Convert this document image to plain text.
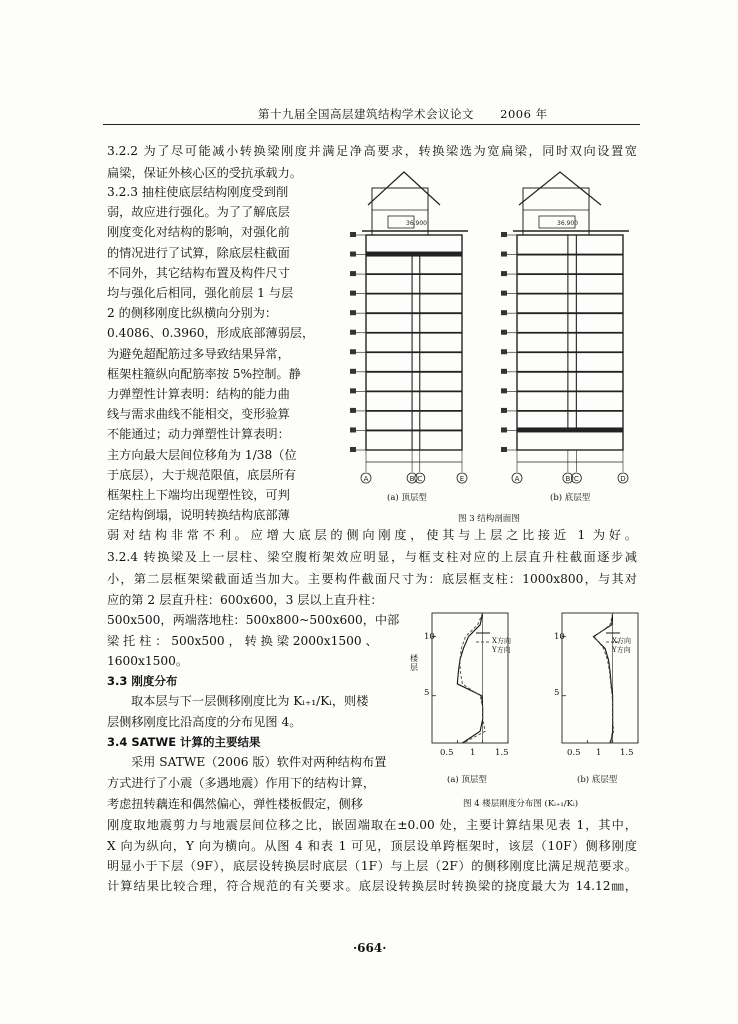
第十九届全国高层建筑结构学术会议论文 2006 年
3.2.2 为了尽可能减小转换梁刚度并满足净高要求，转换梁选为宽扁梁，同时双向设置宽
扁梁，保证外核心区的受抗承载力。
3.2.3 抽柱使底层结构刚度受到削
弱，故应进行强化。为了了解底层
刚度变化对结构的影响，对强化前
的情况进行了试算，除底层柱截面
不同外，其它结构布置及构件尺寸
均与强化后相同，强化前层 1 与层
2 的侧移刚度比纵横向分别为：
0.4086、0.3960，形成底部薄弱层，
为避免超配筋过多导致结果异常，
框架柱箍纵向配筋率按 5%控制。静
力弹塑性计算表明：结构的能力曲
线与需求曲线不能相交，变形验算
不能通过；动力弹塑性计算表明：
主方向最大层间位移角为 1/38（位
于底层），大于规范限值，底层所有
框架柱上下端均出现塑性铰，可判
定结构倒塌，说明转换结构底部薄
弱对结构非常不利。应增大底层的侧向刚度，使其与上层之比接近 1 为好。
3.2.4 转换梁及上一层柱、梁空腹桁架效应明显，与框支柱对应的上层直升柱截面逐步减
小，第二层框架梁截面适当加大。主要构件截面尺寸为：底层框支柱：1000x800，与其对
应的第 2 层直升柱：600x600，3 层以上直升柱：
500x500，两端落地柱：500x800~500x600，中部
梁 托 柱 ： 500x500 ， 转 换 梁 2000x1500 、
1600x1500。
3.3 刚度分布
取本层与下一层侧移刚度比为 Kᵢ₊₁/Kᵢ，则楼
层侧移刚度比沿高度的分布见图 4。
3.4 SATWE 计算的主要结果
采用 SATWE（2006 版）软件对两种结构布置
方式进行了小震（多遇地震）作用下的结构计算，
考虑扭转藕连和偶然偏心，弹性楼板假定，侧移
刚度取地震剪力与地震层间位移之比，嵌固端取在±0.00 处，主要计算结果见表 1，其中，
X 向为纵向，Y 向为横向。从图 4 和表 1 可见，顶层设单跨框架时，该层（10F）侧移刚度
明显小于下层（9F），底层设转换层时底层（1F）与上层（2F）的侧移刚度比满足规范要求。
计算结果比较合理，符合规范的有关要求。底层设转换层时转换梁的挠度最大为 14.12㎜，
36.900
A	B C	E
36.900
A	B C	D
(a) 顶层型	(b) 底层型
图 3 结构剖面图
楼层
10
5
10
5
0.5 1 1.5	0.5 1 1.5
X方向
Y方向
X方向
Y方向
(a) 顶层型	(b) 底层型
图 4 楼层刚度分布图 (Kᵢ₊₁/Kᵢ)
·664·
